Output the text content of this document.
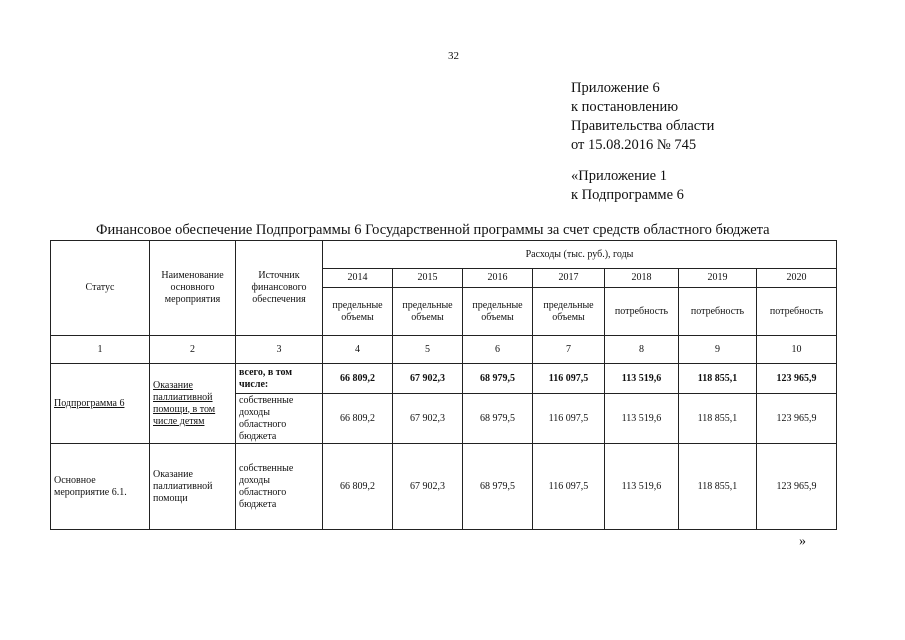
32
Приложение 6
к постановлению
Правительства области
от 15.08.2016 № 745
«Приложение 1
к Подпрограмме 6
Финансовое обеспечение Подпрограммы 6 Государственной программы за счет средств областного бюджета
Статус	Наименование основного мероприятия	Источник финансового обеспечения	Расходы (тыс. руб.), годы						
			2014	2015	2016	2017	2018	2019	2020
			предельные объемы	предельные объемы	предельные объемы	предельные объемы	потребность	потребность	потребность
1	2	3	4	5	6	7	8	9	10
Подпрограмма 6	Оказание паллиативной помощи, в том числе детям	всего, в том числе:	66 809,2	67 902,3	68 979,5	116 097,5	113 519,6	118 855,1	123 965,9
		собственные доходы областного бюджета	66 809,2	67 902,3	68 979,5	116 097,5	113 519,6	118 855,1	123 965,9
Основное мероприятие 6.1.	Оказание паллиативной помощи	собственные доходы областного бюджета	66 809,2	67 902,3	68 979,5	116 097,5	113 519,6	118 855,1	123 965,9
»
